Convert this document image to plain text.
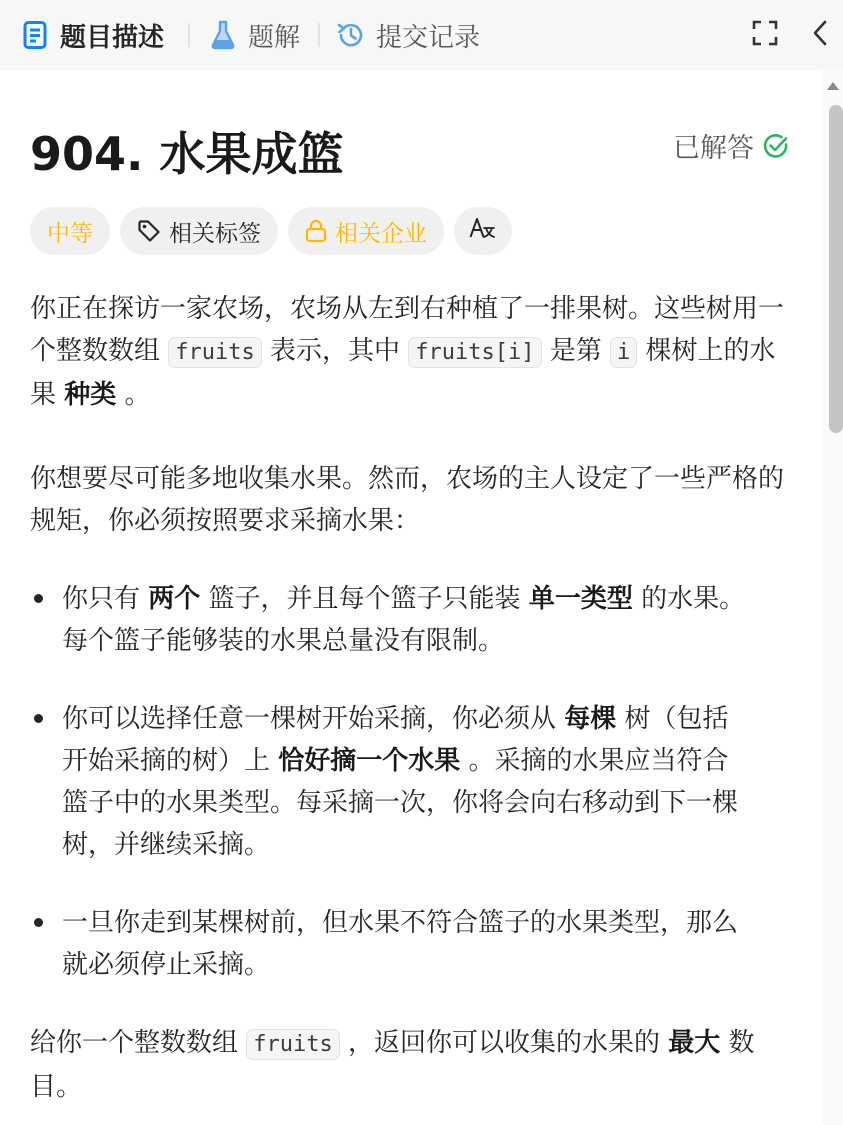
题目描述	题解	提交记录
904. 水果成篮	已解答
中等	相关标签	相关企业

你正在探访一家农场，农场从左到右种植了一排果树。这些树用一个整数数组 fruits 表示，其中 fruits[i] 是第 i 棵树上的水果 种类 。

你想要尽可能多地收集水果。然而，农场的主人设定了一些严格的规矩，你必须按照要求采摘水果：

你只有 两个 篮子，并且每个篮子只能装 单一类型 的水果。每个篮子能够装的水果总量没有限制。
你可以选择任意一棵树开始采摘，你必须从 每棵 树（包括开始采摘的树）上 恰好摘一个水果 。采摘的水果应当符合篮子中的水果类型。每采摘一次，你将会向右移动到下一棵树，并继续采摘。
一旦你走到某棵树前，但水果不符合篮子的水果类型，那么就必须停止采摘。

给你一个整数数组 fruits ，返回你可以收集的水果的 最大 数目。
